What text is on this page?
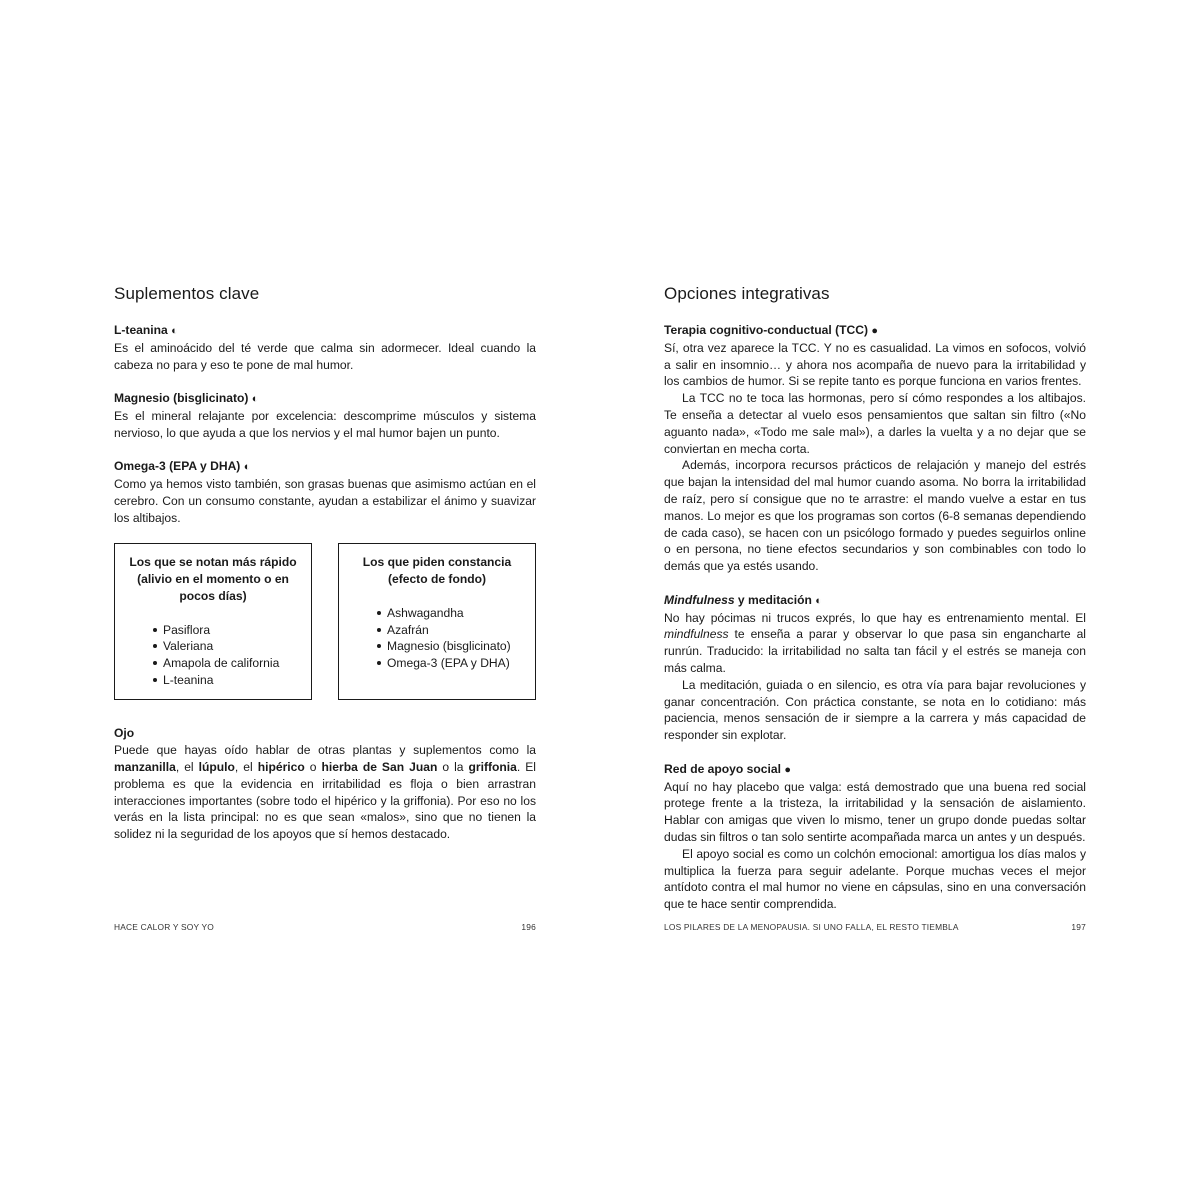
Suplementos clave
L-teanina ◐

Es el aminoácido del té verde que calma sin adormecer. Ideal cuando la cabeza no para y eso te pone de mal humor.

Magnesio (bisglicinato) ◐

Es el mineral relajante por excelencia: descomprime músculos y sistema nervioso, lo que ayuda a que los nervios y el mal humor bajen un punto.

Omega-3 (EPA y DHA) ◐

Como ya hemos visto también, son grasas buenas que asimismo actúan en el cerebro. Con un consumo constante, ayudan a estabilizar el ánimo y suavizar los altibajos.

Los que se notan más rápido (alivio en el momento o en pocos días)
Pasiflora
Valeriana
Amapola de california
L-teanina
Los que piden constancia (efecto de fondo)
Ashwagandha
Azafrán
Magnesio (bisglicinato)
Omega-3 (EPA y DHA)
Ojo

Puede que hayas oído hablar de otras plantas y suplementos como la manzanilla, el lúpulo, el hipérico o hierba de San Juan o la griffonia. El problema es que la evidencia en irritabilidad es floja o bien arrastran interacciones importantes (sobre todo el hipérico y la griffonia). Por eso no los verás en la lista principal: no es que sean «malos», sino que no tienen la solidez ni la seguridad de los apoyos que sí hemos destacado.

HACE CALOR Y SOY YO	196
Opciones integrativas
Terapia cognitivo-conductual (TCC) ●

Sí, otra vez aparece la TCC. Y no es casualidad. La vimos en sofocos, volvió a salir en insomnio… y ahora nos acompaña de nuevo para la irritabilidad y los cambios de humor. Si se repite tanto es porque funciona en varios frentes.

La TCC no te toca las hormonas, pero sí cómo respondes a los altibajos. Te enseña a detectar al vuelo esos pensamientos que saltan sin filtro («No aguanto nada», «Todo me sale mal»), a darles la vuelta y a no dejar que se conviertan en mecha corta.

Además, incorpora recursos prácticos de relajación y manejo del estrés que bajan la intensidad del mal humor cuando asoma. No borra la irritabilidad de raíz, pero sí consigue que no te arrastre: el mando vuelve a estar en tus manos. Lo mejor es que los programas son cortos (6-8 semanas dependiendo de cada caso), se hacen con un psicólogo formado y puedes seguirlos online o en persona, no tiene efectos secundarios y son combinables con todo lo demás que ya estés usando.

Mindfulness y meditación ◐

No hay pócimas ni trucos exprés, lo que hay es entrenamiento mental. El mindfulness te enseña a parar y observar lo que pasa sin engancharte al runrún. Traducido: la irritabilidad no salta tan fácil y el estrés se maneja con más calma.

La meditación, guiada o en silencio, es otra vía para bajar revoluciones y ganar concentración. Con práctica constante, se nota en lo cotidiano: más paciencia, menos sensación de ir siempre a la carrera y más capacidad de responder sin explotar.

Red de apoyo social ●

Aquí no hay placebo que valga: está demostrado que una buena red social protege frente a la tristeza, la irritabilidad y la sensación de aislamiento. Hablar con amigas que viven lo mismo, tener un grupo donde puedas soltar dudas sin filtros o tan solo sentirte acompañada marca un antes y un después.

El apoyo social es como un colchón emocional: amortigua los días malos y multiplica la fuerza para seguir adelante. Porque muchas veces el mejor antídoto contra el mal humor no viene en cápsulas, sino en una conversación que te hace sentir comprendida.

LOS PILARES DE LA MENOPAUSIA. SI UNO FALLA, EL RESTO TIEMBLA	197
